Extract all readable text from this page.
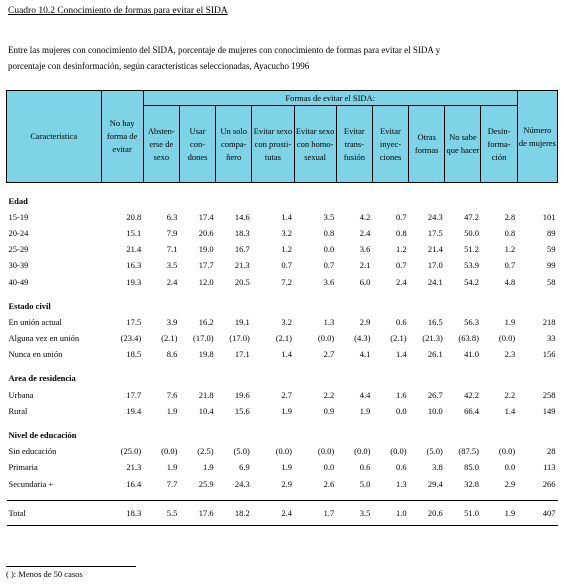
Cuadro 10.2 Conocimiento de formas para evitar el SIDA
Entre las mujeres con conocimiento del SIDA, porcentaje de mujeres con conocimiento de formas para evitar el SIDA y
porcentaje con desinformación, según características seleccionadas, Ayacucho 1996
Característica	No hay forma de evitar	Formas de evitar el SIDA:										Número de mujeres
		Absten-erse de sexo	Usar con-dones	Un solo compa-ñero	Evitar sexo con prosti-tutas	Evitar sexo con homo-sexual	Evitar trans-fusión	Evitar inyec-ciones	Otras formas	No sabe que hacer	Desin-forma-ción	

Edad												
15-19	20.8	6.3	17.4	14.6	1.4	3.5	4.2	0.7	24.3	47.2	2.8	101
20-24	15.1	7.9	20.6	18.3	3.2	0.8	2.4	0.8	17.5	50.0	0.8	89
25-29	21.4	7.1	19.0	16.7	1.2	0.0	3.6	1.2	21.4	51.2	1.2	59
30-39	16.3	3.5	17.7	21.3	0.7	0.7	2.1	0.7	17.0	53.9	0.7	99
40-49	19.3	2.4	12.0	20.5	7.2	3.6	6.0	2.4	24.1	54.2	4.8	58

Estado civil												
En unión actual	17.5	3.9	16.2	19.1	3.2	1.3	2.9	0.6	16.5	56.3	1.9	218
Alguna vez en unión	(23.4)	(2.1)	(17.0)	(17.0)	(2.1)	(0.0)	(4.3)	(2.1)	(21.3)	(63.8)	(0.0)	33
Nunca en unión	18.5	8.6	19.8	17.1	1.4	2.7	4.1	1.4	26.1	41.0	2.3	156

Area de residencia												
Urbana	17.7	7.6	21.8	19.6	2.7	2.2	4.4	1.6	26.7	42.2	2.2	258
Rural	19.4	1.9	10.4	15.6	1.9	0.9	1.9	0.0	10.0	66.4	1.4	149

Nivel de educación												
Sin educación	(25.0)	(0.0)	(2.5)	(5.0)	(0.0)	(0.0)	(0.0)	(0.0)	(5.0)	(87.5)	(0.0)	28
Primaria	21.3	1.9	1.9	6.9	1.9	0.0	0.6	0.6	3.8	85.0	0.0	113
Secundaria +	16.4	7.7	25.9	24.3	2.9	2.6	5.0	1.3	29.4	32.8	2.9	266

Total	18.3	5.5	17.6	18.2	2.4	1.7	3.5	1.0	20.6	51.0	1.9	407
( ): Menos de 50 casos
